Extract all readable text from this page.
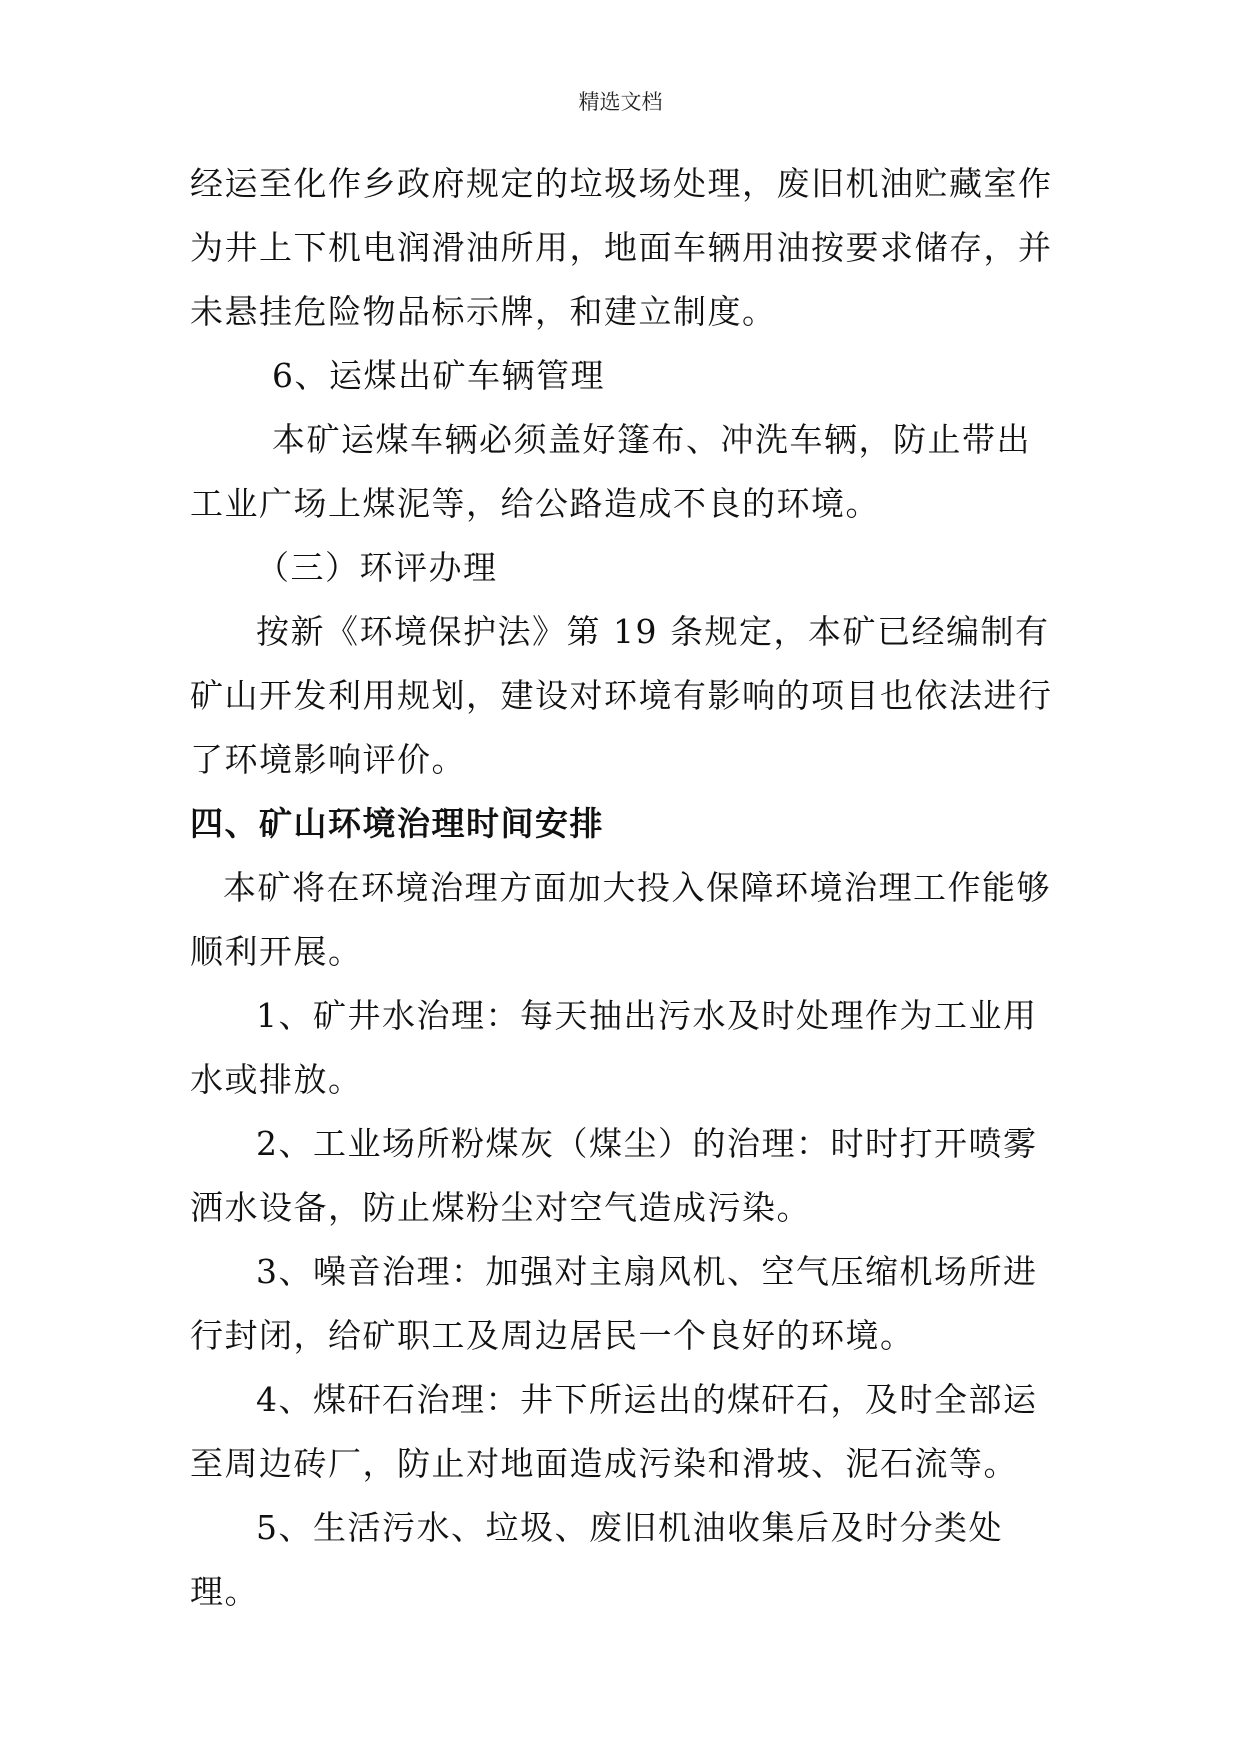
精选文档

经运至化作乡政府规定的垃圾场处理，废旧机油贮藏室作为井上下机电润滑油所用，地面车辆用油按要求储存，并未悬挂危险物品标示牌，和建立制度。

6、运煤出矿车辆管理

本矿运煤车辆必须盖好篷布、冲洗车辆，防止带出工业广场上煤泥等，给公路造成不良的环境。

（三）环评办理

按新《环境保护法》第 19 条规定，本矿已经编制有矿山开发利用规划，建设对环境有影响的项目也依法进行了环境影响评价。

四、矿山环境治理时间安排

本矿将在环境治理方面加大投入保障环境治理工作能够顺利开展。

1、矿井水治理：每天抽出污水及时处理作为工业用水或排放。

2、工业场所粉煤灰（煤尘）的治理：时时打开喷雾洒水设备，防止煤粉尘对空气造成污染。

3、噪音治理：加强对主扇风机、空气压缩机场所进行封闭，给矿职工及周边居民一个良好的环境。

4、煤矸石治理：井下所运出的煤矸石，及时全部运至周边砖厂，防止对地面造成污染和滑坡、泥石流等。

5、生活污水、垃圾、废旧机油收集后及时分类处理。
